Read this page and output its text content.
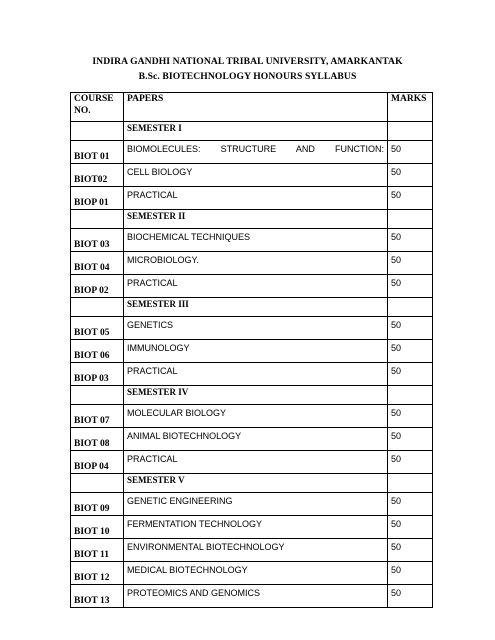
INDIRA GANDHI NATIONAL TRIBAL UNIVERSITY, AMARKANTAK
B.Sc. BIOTECHNOLOGY HONOURS SYLLABUS
COURSE NO.	PAPERS	MARKS
	SEMESTER I	
BIOT 01	BIOMOLECULES: STRUCTURE AND FUNCTION:	50
BIOT02	CELL BIOLOGY	50
BIOP 01	PRACTICAL	50
	SEMESTER II	
BIOT 03	BIOCHEMICAL TECHNIQUES	50
BIOT 04	MICROBIOLOGY.	50
BIOP 02	PRACTICAL	50
	SEMESTER III	
BIOT 05	GENETICS	50
BIOT 06	IMMUNOLOGY	50
BIOP 03	PRACTICAL	50
	SEMESTER IV	
BIOT 07	MOLECULAR BIOLOGY	50
BIOT 08	ANIMAL BIOTECHNOLOGY	50
BIOP 04	PRACTICAL	50
	SEMESTER V	
BIOT 09	GENETIC ENGINEERING	50
BIOT 10	FERMENTATION TECHNOLOGY	50
BIOT 11	ENVIRONMENTAL BIOTECHNOLOGY	50
BIOT 12	MEDICAL BIOTECHNOLOGY	50
BIOT 13	PROTEOMICS AND GENOMICS	50
